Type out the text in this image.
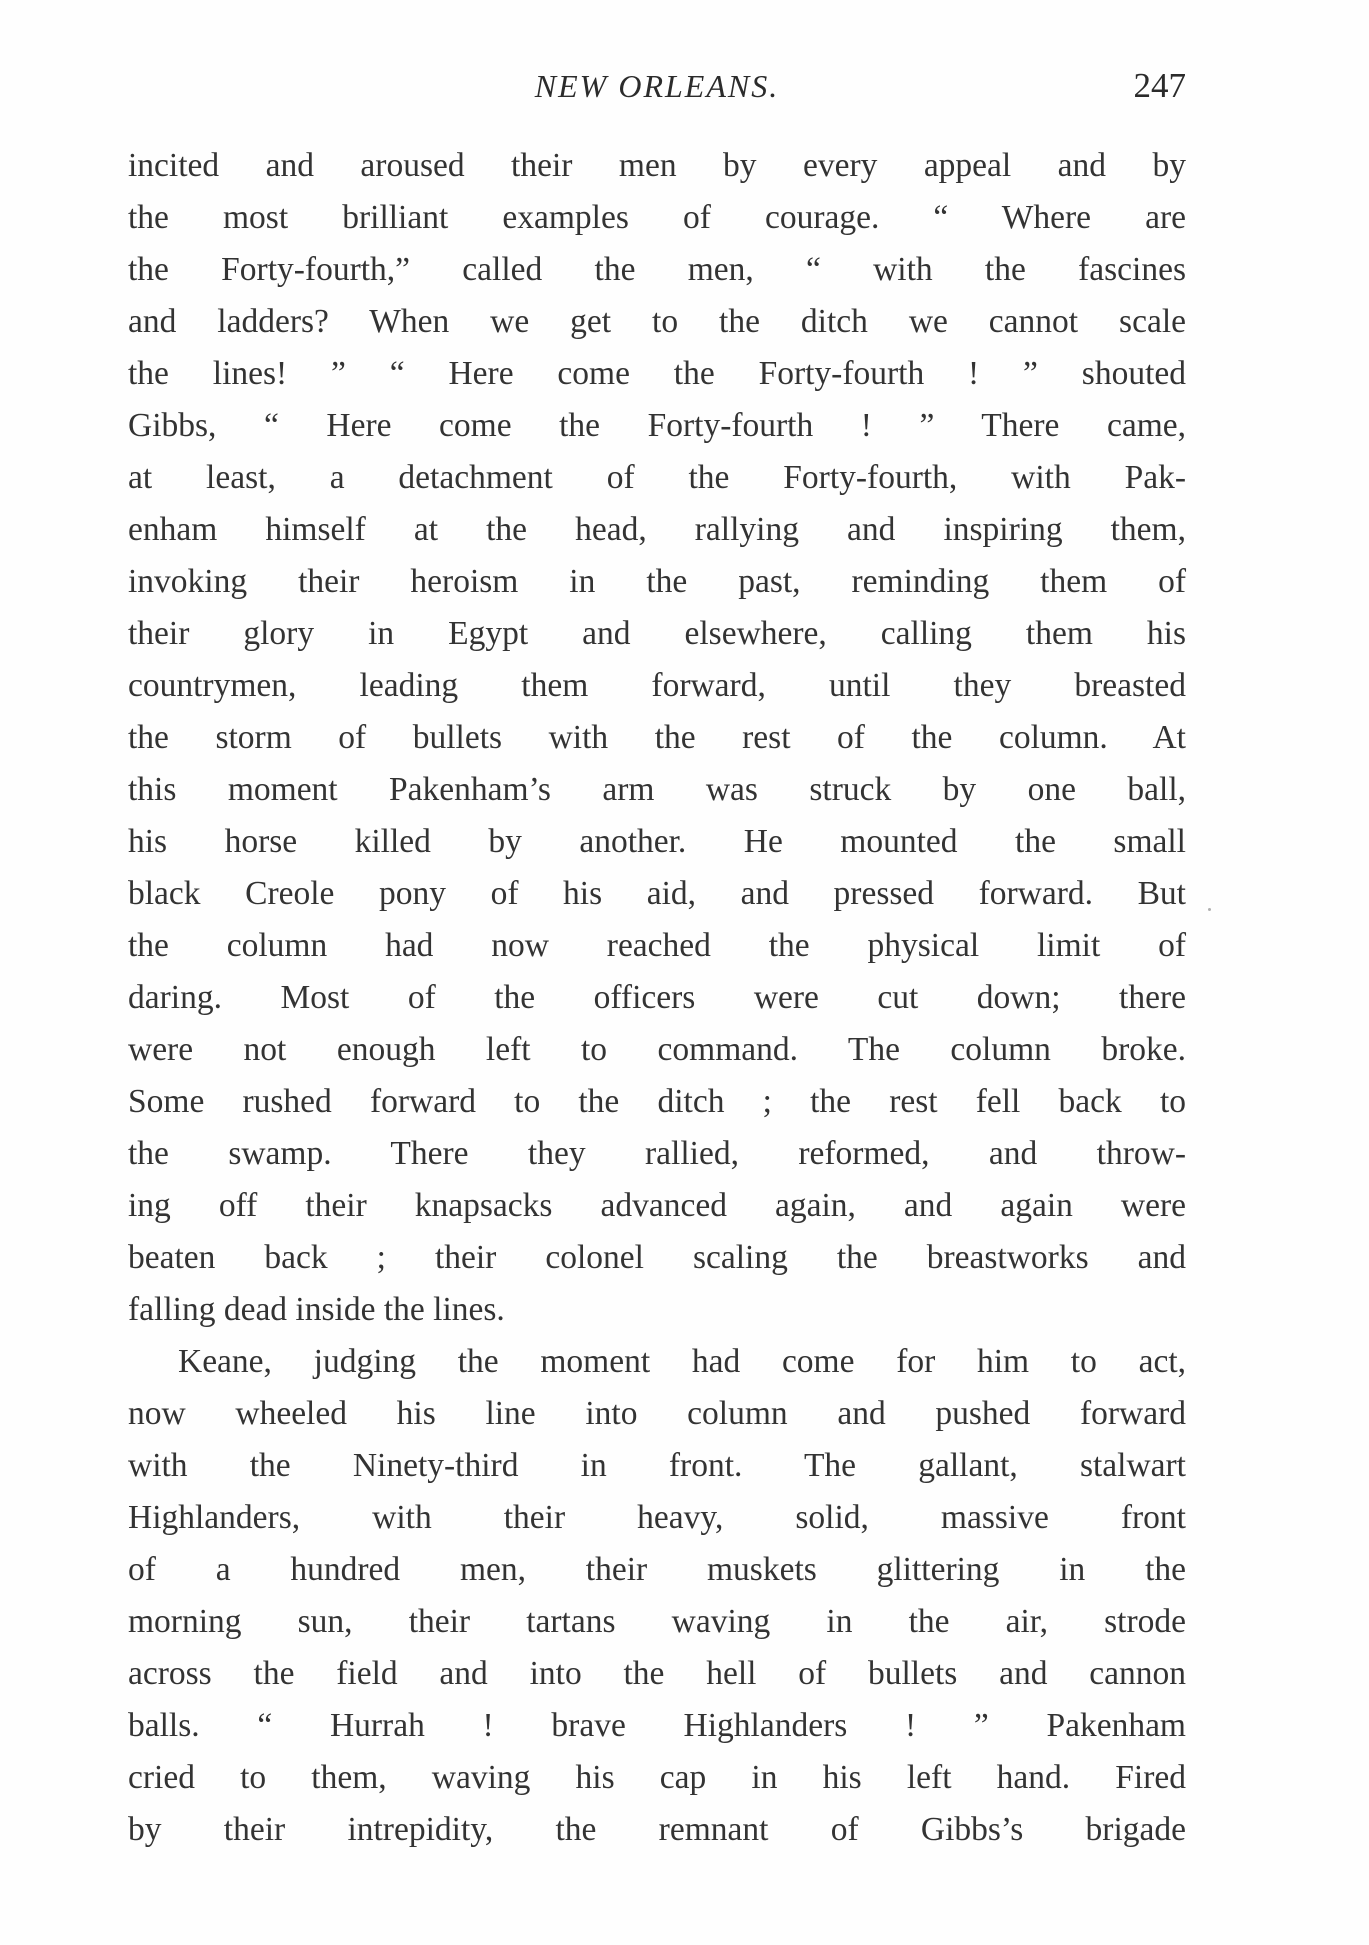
NEW ORLEANS.	247
incited and aroused their men by every appeal and by
the most brilliant examples of courage. “ Where are
the Forty-fourth,” called the men, “ with the fascines
and ladders? When we get to the ditch we cannot scale
the lines! ” “ Here come the Forty-fourth ! ” shouted
Gibbs, “ Here come the Forty-fourth ! ” There came,
at least, a detachment of the Forty-fourth, with Pak-
enham himself at the head, rallying and inspiring them,
invoking their heroism in the past, reminding them of
their glory in Egypt and elsewhere, calling them his
countrymen, leading them forward, until they breasted
the storm of bullets with the rest of the column. At
this moment Pakenham’s arm was struck by one ball,
his horse killed by another. He mounted the small
black Creole pony of his aid, and pressed forward. But
the column had now reached the physical limit of
daring. Most of the officers were cut down; there
were not enough left to command. The column broke.
Some rushed forward to the ditch ; the rest fell back to
the swamp. There they rallied, reformed, and throw-
ing off their knapsacks advanced again, and again were
beaten back ; their colonel scaling the breastworks and
falling dead inside the lines.
Keane, judging the moment had come for him to act,
now wheeled his line into column and pushed forward
with the Ninety-third in front. The gallant, stalwart
Highlanders, with their heavy, solid, massive front
of a hundred men, their muskets glittering in the
morning sun, their tartans waving in the air, strode
across the field and into the hell of bullets and cannon
balls. “ Hurrah ! brave Highlanders ! ” Pakenham
cried to them, waving his cap in his left hand. Fired
by their intrepidity, the remnant of Gibbs’s brigade
